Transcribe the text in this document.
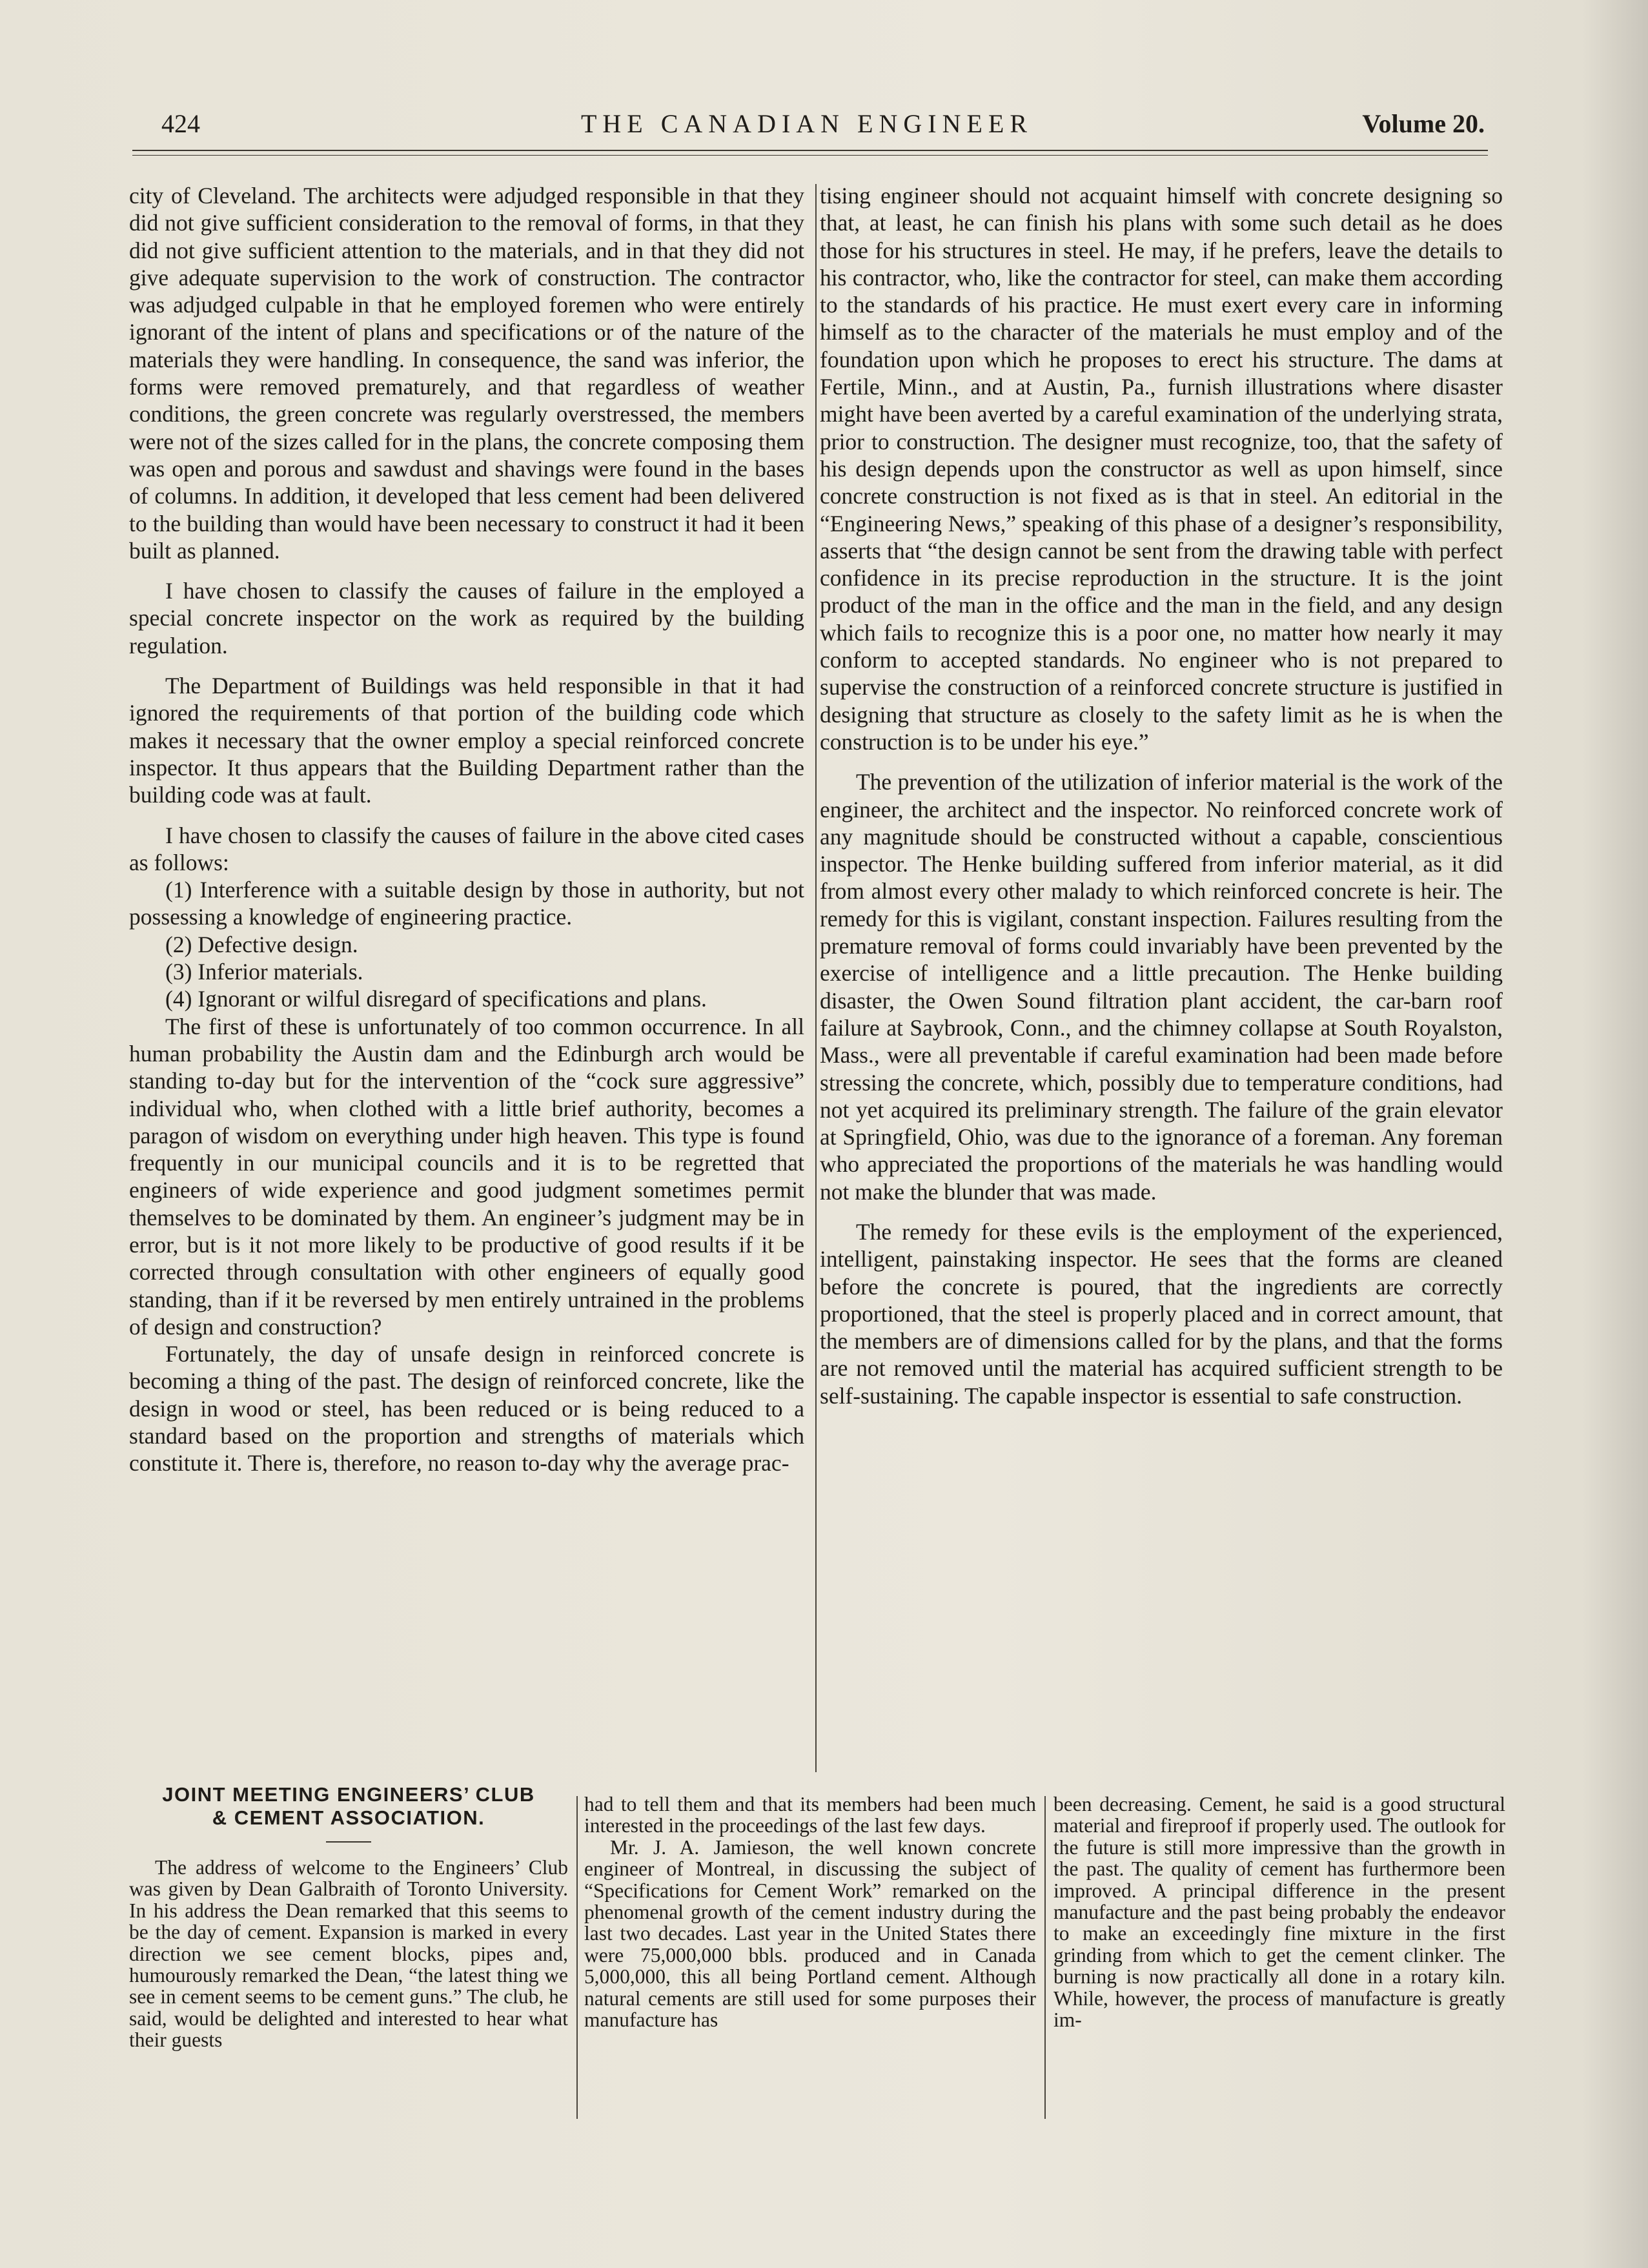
424	THE CANADIAN ENGINEER	Volume 20.

city of Cleveland. The architects were adjudged responsible in that they did not give sufficient consideration to the removal of forms, in that they did not give sufficient attention to the materials, and in that they did not give adequate supervision to the work of construction. The contractor was adjudged culpable in that he employed foremen who were entirely ignorant of the intent of plans and specifications or of the nature of the materials they were handling. In consequence, the sand was inferior, the forms were removed prematurely, and that regardless of weather conditions, the green concrete was regularly overstressed, the members were not of the sizes called for in the plans, the concrete composing them was open and porous and sawdust and shavings were found in the bases of columns. In addition, it developed that less cement had been delivered to the building than would have been necessary to construct it had it been built as planned.

I have chosen to classify the causes of failure in the employed a special concrete inspector on the work as required by the building regulation.

The Department of Buildings was held responsible in that it had ignored the requirements of that portion of the building code which makes it necessary that the owner employ a special reinforced concrete inspector. It thus appears that the Building Department rather than the building code was at fault.

I have chosen to classify the causes of failure in the above cited cases as follows:

(1) Interference with a suitable design by those in authority, but not possessing a knowledge of engineering practice.

(2) Defective design.

(3) Inferior materials.

(4) Ignorant or wilful disregard of specifications and plans.

The first of these is unfortunately of too common occurrence. In all human probability the Austin dam and the Edinburgh arch would be standing to-day but for the intervention of the “cock sure aggressive” individual who, when clothed with a little brief authority, becomes a paragon of wisdom on everything under high heaven. This type is found frequently in our municipal councils and it is to be regretted that engineers of wide experience and good judgment sometimes permit themselves to be dominated by them. An engineer’s judgment may be in error, but is it not more likely to be productive of good results if it be corrected through consultation with other engineers of equally good standing, than if it be reversed by men entirely untrained in the problems of design and construction?

Fortunately, the day of unsafe design in reinforced concrete is becoming a thing of the past. The design of reinforced concrete, like the design in wood or steel, has been reduced or is being reduced to a standard based on the proportion and strengths of materials which constitute it. There is, therefore, no reason to-day why the average prac-

tising engineer should not acquaint himself with concrete designing so that, at least, he can finish his plans with some such detail as he does those for his structures in steel. He may, if he prefers, leave the details to his contractor, who, like the contractor for steel, can make them according to the standards of his practice. He must exert every care in informing himself as to the character of the materials he must employ and of the foundation upon which he proposes to erect his structure. The dams at Fertile, Minn., and at Austin, Pa., furnish illustrations where disaster might have been averted by a careful examination of the underlying strata, prior to construction. The designer must recognize, too, that the safety of his design depends upon the constructor as well as upon himself, since concrete construction is not fixed as is that in steel. An editorial in the “Engineering News,” speaking of this phase of a designer’s responsibility, asserts that “the design cannot be sent from the drawing table with perfect confidence in its precise reproduction in the structure. It is the joint product of the man in the office and the man in the field, and any design which fails to recognize this is a poor one, no matter how nearly it may conform to accepted standards. No engineer who is not prepared to supervise the construction of a reinforced concrete structure is justified in designing that structure as closely to the safety limit as he is when the construction is to be under his eye.”

The prevention of the utilization of inferior material is the work of the engineer, the architect and the inspector. No reinforced concrete work of any magnitude should be constructed without a capable, conscientious inspector. The Henke building suffered from inferior material, as it did from almost every other malady to which reinforced concrete is heir. The remedy for this is vigilant, constant inspection. Failures resulting from the premature removal of forms could invariably have been prevented by the exercise of intelligence and a little precaution. The Henke building disaster, the Owen Sound filtration plant accident, the car-barn roof failure at Saybrook, Conn., and the chimney collapse at South Royalston, Mass., were all preventable if careful examination had been made before stressing the concrete, which, possibly due to temperature conditions, had not yet acquired its preliminary strength. The failure of the grain elevator at Springfield, Ohio, was due to the ignorance of a foreman. Any foreman who appreciated the proportions of the materials he was handling would not make the blunder that was made.

The remedy for these evils is the employment of the experienced, intelligent, painstaking inspector. He sees that the forms are cleaned before the concrete is poured, that the ingredients are correctly proportioned, that the steel is properly placed and in correct amount, that the members are of dimensions called for by the plans, and that the forms are not removed until the material has acquired sufficient strength to be self-sustaining. The capable inspector is essential to safe construction.

JOINT MEETING ENGINEERS’ CLUB

& CEMENT ASSOCIATION.

The address of welcome to the Engineers’ Club was given by Dean Galbraith of Toronto University. In his address the Dean remarked that this seems to be the day of cement. Expansion is marked in every direction we see cement blocks, pipes and, humourously remarked the Dean, “the latest thing we see in cement seems to be cement guns.” The club, he said, would be delighted and interested to hear what their guests

had to tell them and that its members had been much interested in the proceedings of the last few days.

Mr. J. A. Jamieson, the well known concrete engineer of Montreal, in discussing the subject of “Specifications for Cement Work” remarked on the phenomenal growth of the cement industry during the last two decades. Last year in the United States there were 75,000,000 bbls. produced and in Canada 5,000,000, this all being Portland cement. Although natural cements are still used for some purposes their manufacture has

been decreasing. Cement, he said is a good structural material and fireproof if properly used. The outlook for the future is still more impressive than the growth in the past. The quality of cement has furthermore been improved. A principal difference in the present manufacture and the past being probably the endeavor to make an exceedingly fine mixture in the first grinding from which to get the cement clinker. The burning is now practically all done in a rotary kiln. While, however, the process of manufacture is greatly im-
